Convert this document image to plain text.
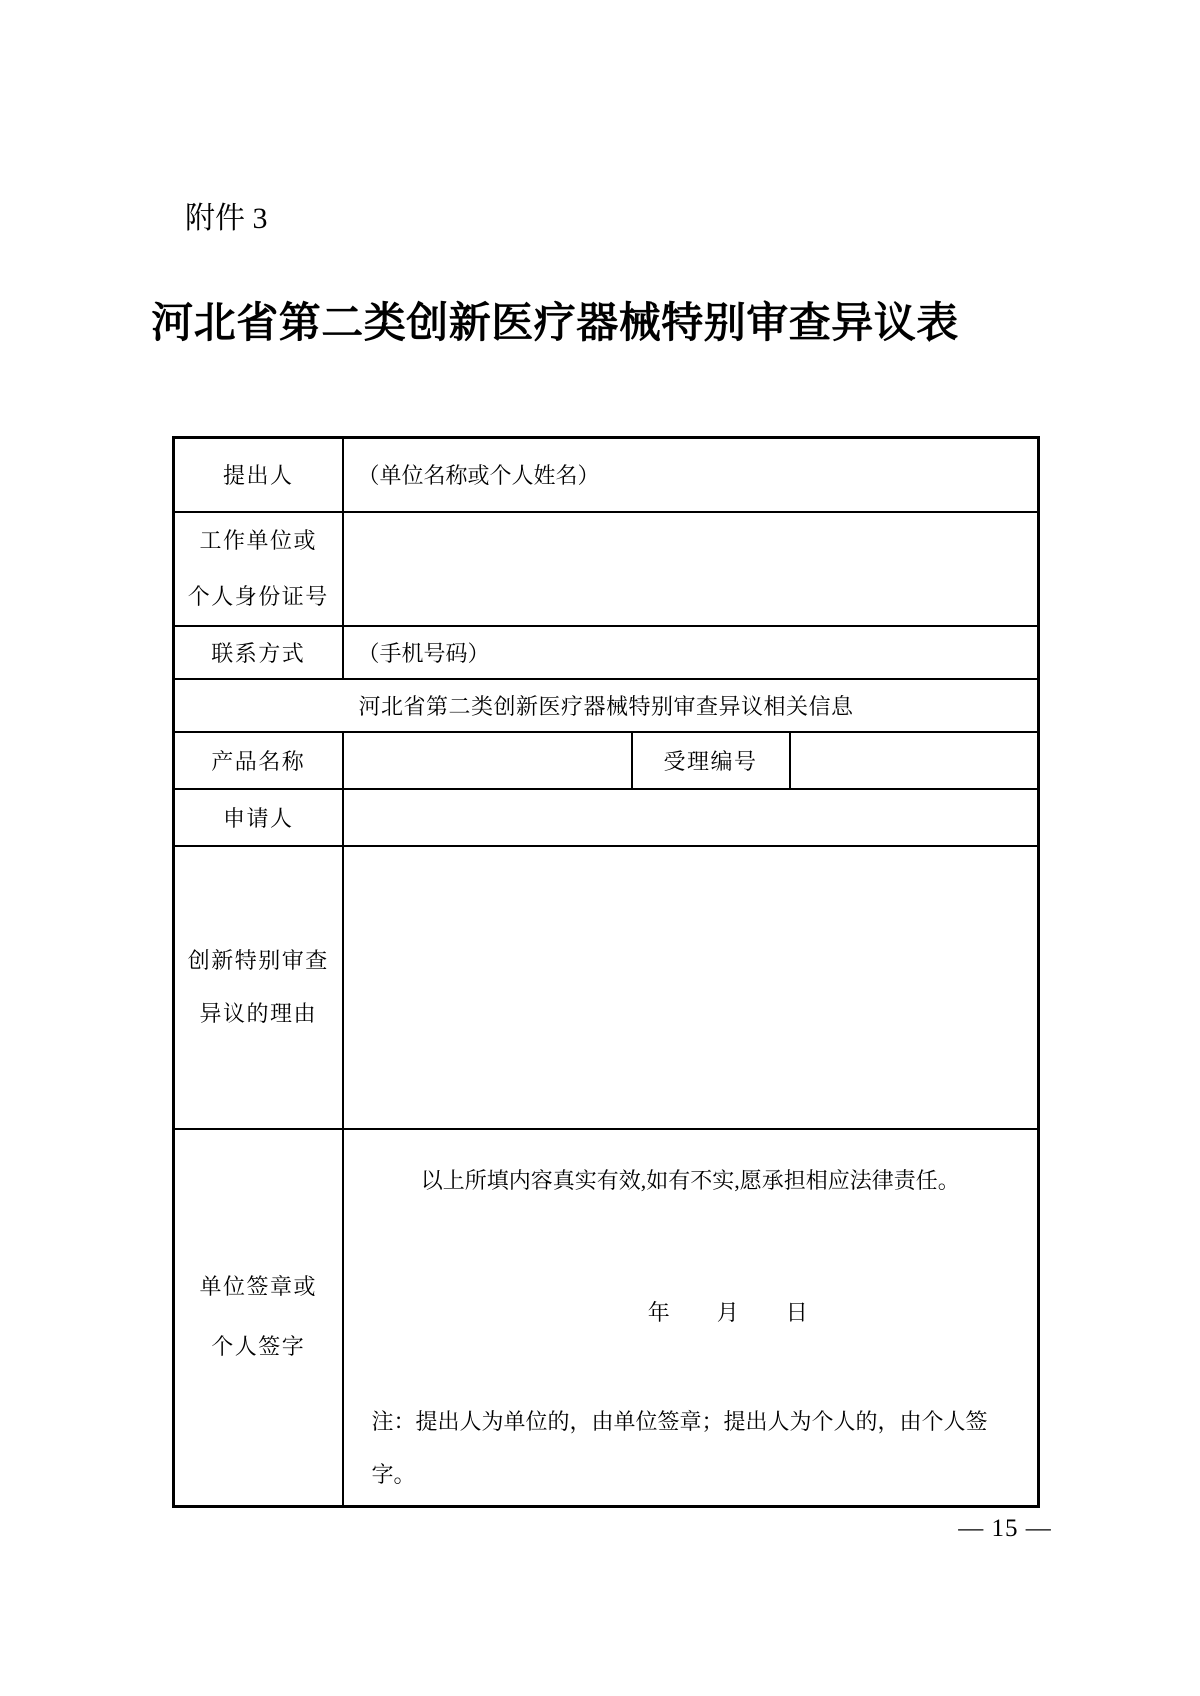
附件 3
河北省第二类创新医疗器械特别审查异议表
提出人	（单位名称或个人姓名）		

工作单位或
个人身份证号			

联系方式	（手机号码）		
河北省第二类创新医疗器械特别审查异议相关信息			
产品名称		受理编号	
申请人			

创新特别审查
异议的理由			

单位签章或
个人签字

以上所填内容真实有效,如有不实,愿承担相应法律责任。
年　　月　　日
注：提出人为单位的，由单位签章；提出人为个人的，由个人签字。
— 15 —
